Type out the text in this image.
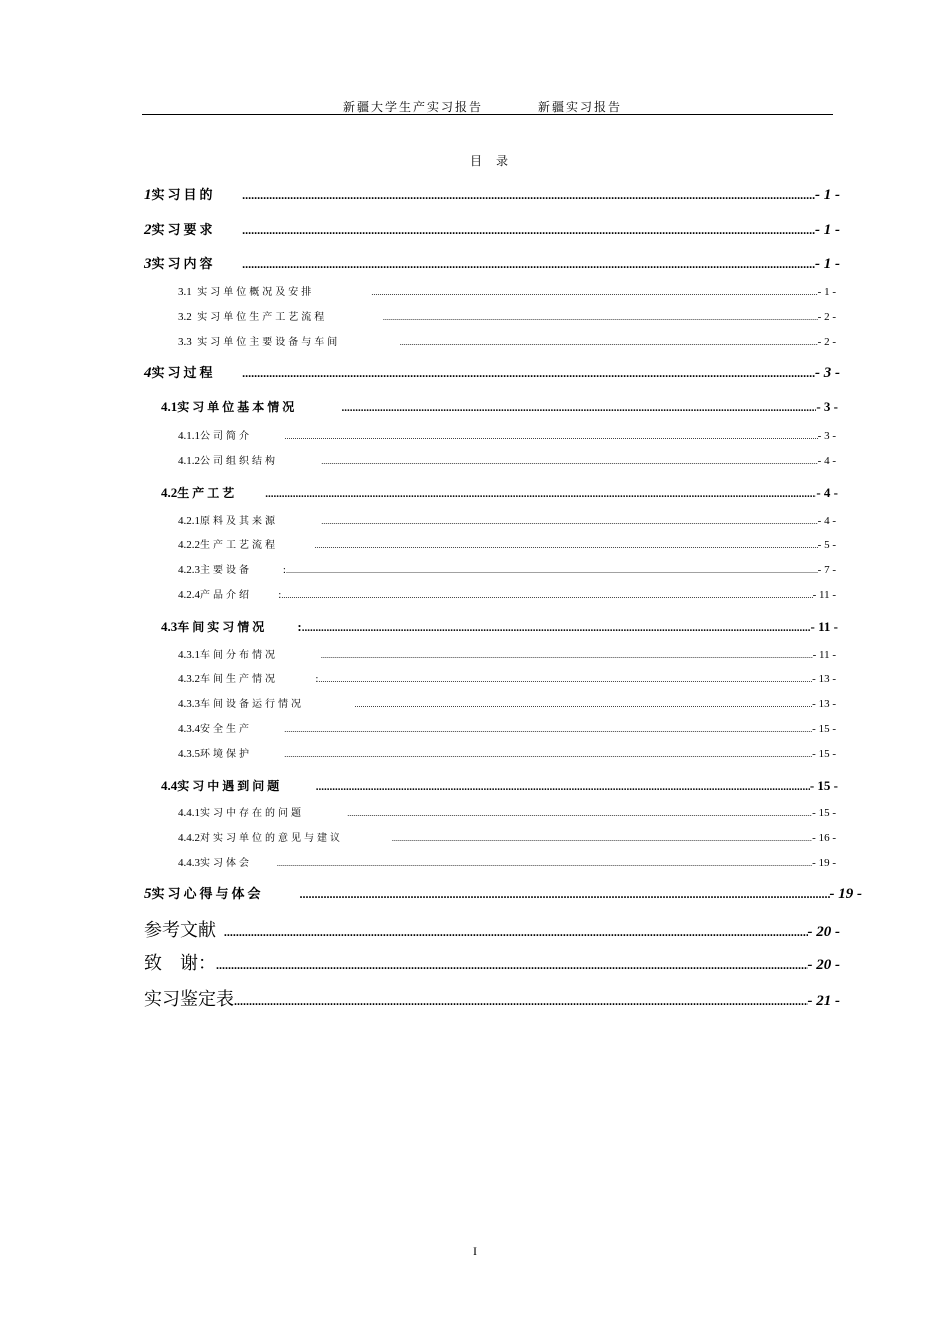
新疆大学生产实习报告	新疆实习报告
目录
1实习目的 .....	- 1 -
2实习要求 .....	- 1 -
3实习内容 .....	- 1 -
3.1 实习单位概况及安排 .....	- 1 -
3.2 实习单位生产工艺流程 .....	- 2 -
3.3 实习单位主要设备与车间 .....	- 2 -
4实习过程 .....	- 3 -
4.1实习单位基本情况 .....	- 3 -
4.1.1公司简介 .....	- 3 -
4.1.2公司组织结构 .....	- 4 -
4.2生产工艺 .....	- 4 -
4.2.1原料及其来源 .....	- 4 -
4.2.2生产工艺流程 .....	- 5 -
4.2.3主要设备	: .....	- 7 -
4.2.4产品介绍 : .....	- 11 -
4.3车间实习情况 : .....	- 11 -
4.3.1车间分布情况 .....	- 11 -
4.3.2车间生产情况	: .....	- 13 -
4.3.3车间设备运行情况 .....	- 13 -
4.3.4安全生产 .....	- 15 -
4.3.5环境保护 .....	- 15 -
4.4实习中遇到问题 .....	- 15 -
4.4.1实习中存在的问题 .....	- 15 -
4.4.2对实习单位的意见与建议 .....	- 16 -
4.4.3实习体会 .....	- 19 -
5实习心得与体会 .....	- 19 -
参考文献 .....	- 20 -
致　谢： .....	- 20 -
实习鉴定表 .....	- 21 -
I
